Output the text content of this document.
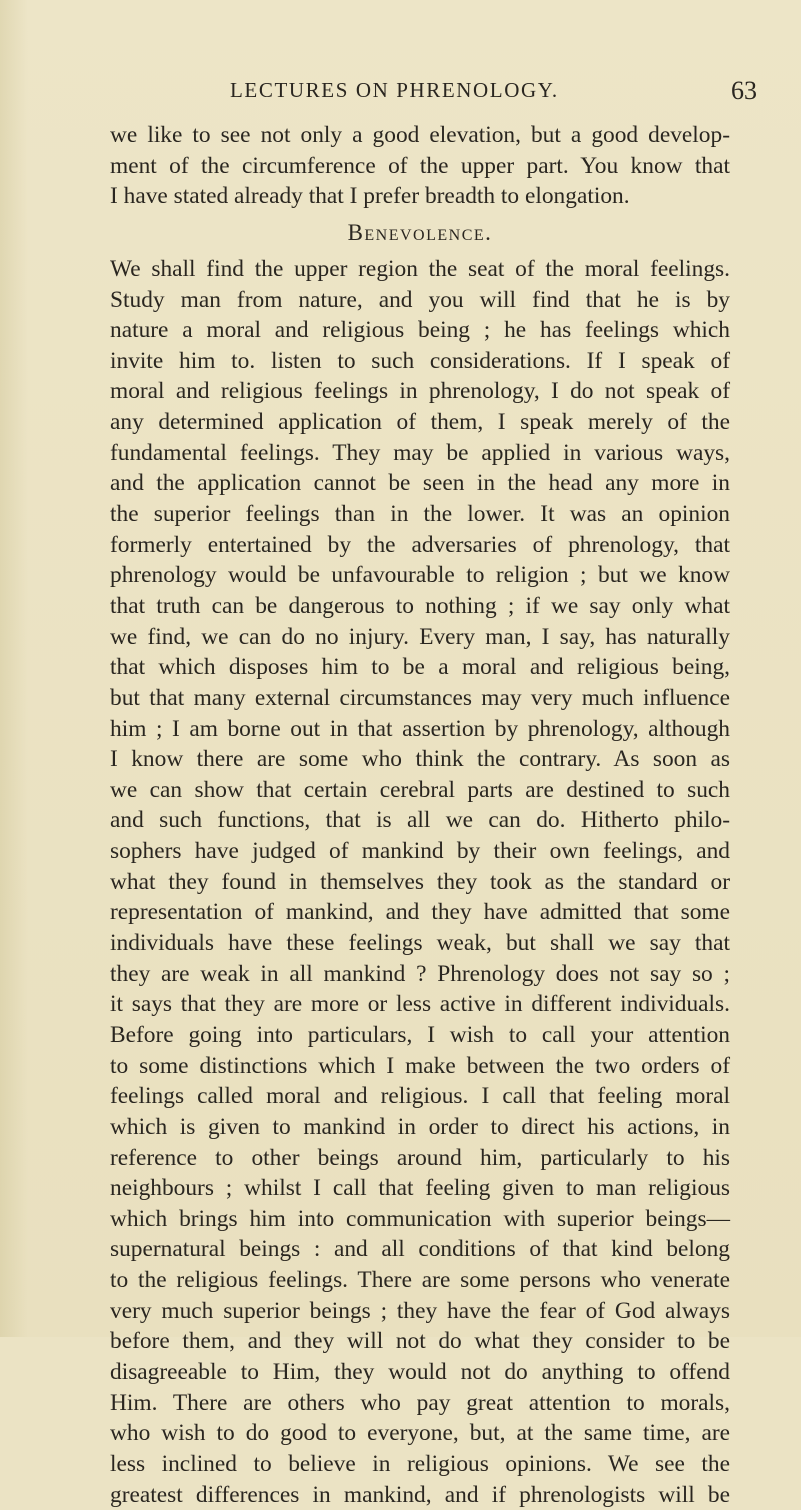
LECTURES ON PHRENOLOGY.	63
we like to see not only a good elevation, but a good develop-
ment of the circumference of the upper part. You know that
I have stated already that I prefer breadth to elongation.
Benevolence.
We shall find the upper region the seat of the moral feelings.
Study man from nature, and you will find that he is by
nature a moral and religious being ; he has feelings which
invite him to. listen to such considerations. If I speak of
moral and religious feelings in phrenology, I do not speak of
any determined application of them, I speak merely of the
fundamental feelings. They may be applied in various ways,
and the application cannot be seen in the head any more in
the superior feelings than in the lower. It was an opinion
formerly entertained by the adversaries of phrenology, that
phrenology would be unfavourable to religion ; but we know
that truth can be dangerous to nothing ; if we say only what
we find, we can do no injury. Every man, I say, has naturally
that which disposes him to be a moral and religious being,
but that many external circumstances may very much influence
him ; I am borne out in that assertion by phrenology, although
I know there are some who think the contrary. As soon as
we can show that certain cerebral parts are destined to such
and such functions, that is all we can do. Hitherto philo-
sophers have judged of mankind by their own feelings, and
what they found in themselves they took as the standard or
representation of mankind, and they have admitted that some
individuals have these feelings weak, but shall we say that
they are weak in all mankind ? Phrenology does not say so ;
it says that they are more or less active in different individuals.
Before going into particulars, I wish to call your attention
to some distinctions which I make between the two orders of
feelings called moral and religious. I call that feeling moral
which is given to mankind in order to direct his actions, in
reference to other beings around him, particularly to his
neighbours ; whilst I call that feeling given to man religious
which brings him into communication with superior beings—
supernatural beings : and all conditions of that kind belong
to the religious feelings. There are some persons who venerate
very much superior beings ; they have the fear of God always
before them, and they will not do what they consider to be
disagreeable to Him, they would not do anything to offend
Him. There are others who pay great attention to morals,
who wish to do good to everyone, but, at the same time, are
less inclined to believe in religious opinions. We see the
greatest differences in mankind, and if phrenologists will be
